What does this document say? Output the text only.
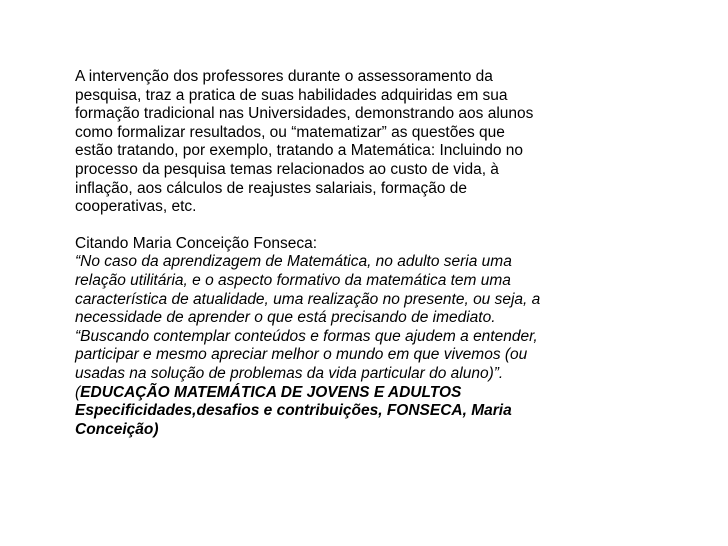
A intervenção dos professores durante o assessoramento da
pesquisa, traz a pratica de suas habilidades adquiridas em sua
formação tradicional nas Universidades, demonstrando aos alunos
como formalizar resultados, ou “matematizar” as questões que
estão tratando, por exemplo, tratando a Matemática: Incluindo no
processo da pesquisa temas relacionados ao custo de vida, à
inflação, aos cálculos de reajustes salariais, formação de
cooperativas, etc.

Citando Maria Conceição Fonseca:

“No caso da aprendizagem de Matemática, no adulto seria uma
relação utilitária, e o aspecto formativo da matemática tem uma
característica de atualidade, uma realização no presente, ou seja, a
necessidade de aprender o que está precisando de imediato.
“Buscando contemplar conteúdos e formas que ajudem a entender,
participar e mesmo apreciar melhor o mundo em que vivemos (ou
usadas na solução de problemas da vida particular do aluno)”.
(EDUCAÇÃO MATEMÁTICA DE JOVENS E ADULTOS
Especificidades,desafios e contribuições, FONSECA, Maria
Conceição)
